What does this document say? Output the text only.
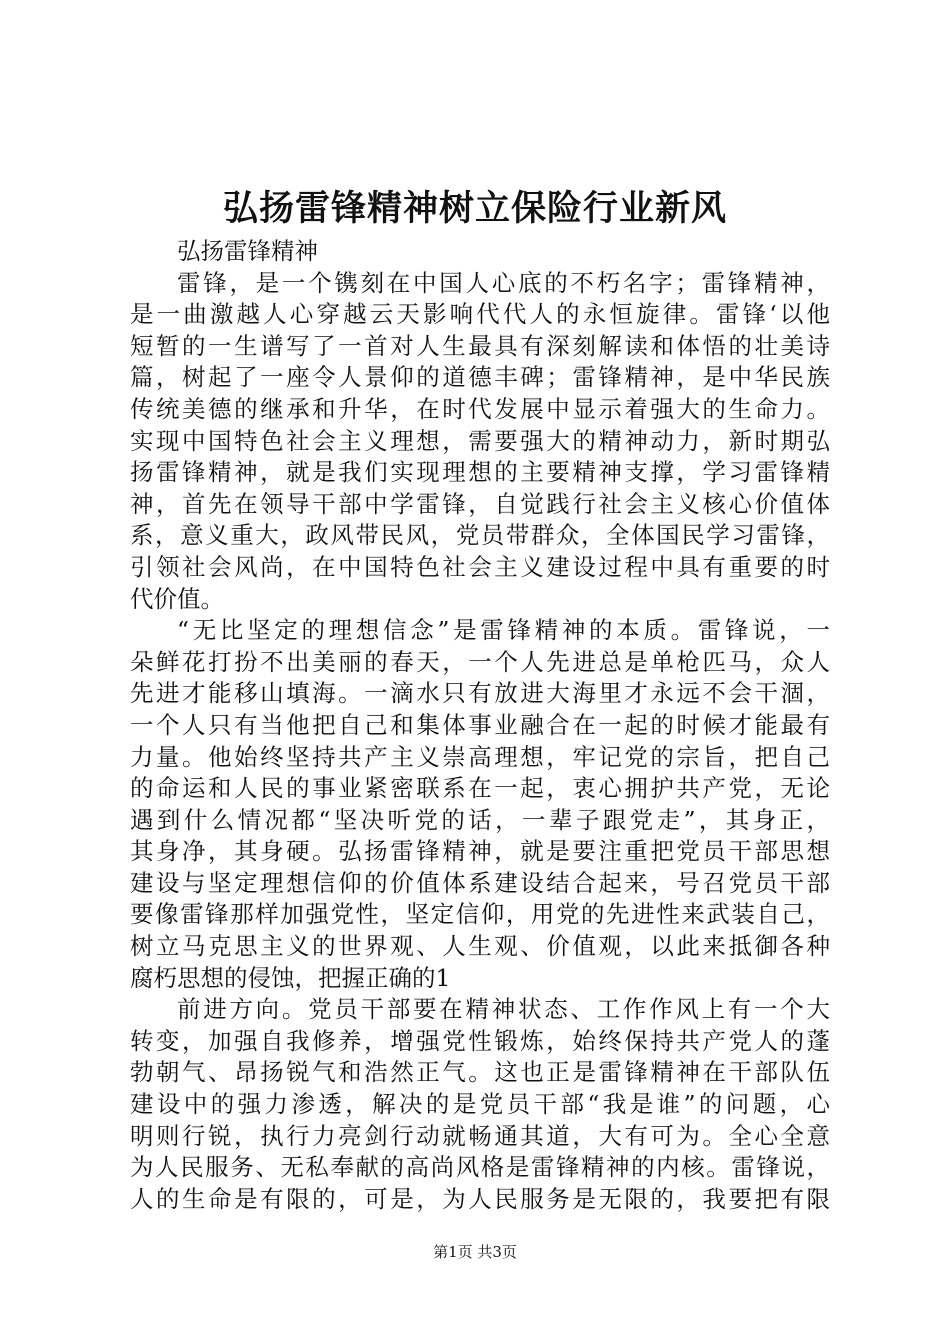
弘扬雷锋精神树立保险行业新风
弘扬雷锋精神
雷锋，是一个镌刻在中国人心底的不朽名字；雷锋精神，
是一曲激越人心穿越云天影响代代人的永恒旋律。雷锋‘以他
短暂的一生谱写了一首对人生最具有深刻解读和体悟的壮美诗
篇，树起了一座令人景仰的道德丰碑；雷锋精神，是中华民族
传统美德的继承和升华，在时代发展中显示着强大的生命力。
实现中国特色社会主义理想，需要强大的精神动力，新时期弘
扬雷锋精神，就是我们实现理想的主要精神支撑，学习雷锋精
神，首先在领导干部中学雷锋，自觉践行社会主义核心价值体
系，意义重大，政风带民风，党员带群众，全体国民学习雷锋，
引领社会风尚，在中国特色社会主义建设过程中具有重要的时
代价值。
“无比坚定的理想信念”是雷锋精神的本质。雷锋说，一
朵鲜花打扮不出美丽的春天，一个人先进总是单枪匹马，众人
先进才能移山填海。一滴水只有放进大海里才永远不会干涸，
一个人只有当他把自己和集体事业融合在一起的时候才能最有
力量。他始终坚持共产主义崇高理想，牢记党的宗旨，把自己
的命运和人民的事业紧密联系在一起，衷心拥护共产党，无论
遇到什么情况都“坚决听党的话，一辈子跟党走”，其身正，
其身净，其身硬。弘扬雷锋精神，就是要注重把党员干部思想
建设与坚定理想信仰的价值体系建设结合起来，号召党员干部
要像雷锋那样加强党性，坚定信仰，用党的先进性来武装自己，
树立马克思主义的世界观、人生观、价值观，以此来抵御各种
腐朽思想的侵蚀，把握正确的1
前进方向。党员干部要在精神状态、工作作风上有一个大
转变，加强自我修养，增强党性锻炼，始终保持共产党人的蓬
勃朝气、昂扬锐气和浩然正气。这也正是雷锋精神在干部队伍
建设中的强力渗透，解决的是党员干部“我是谁”的问题，心
明则行锐，执行力亮剑行动就畅通其道，大有可为。全心全意
为人民服务、无私奉献的高尚风格是雷锋精神的内核。雷锋说，
人的生命是有限的，可是，为人民服务是无限的，我要把有限
第1页 共3页
